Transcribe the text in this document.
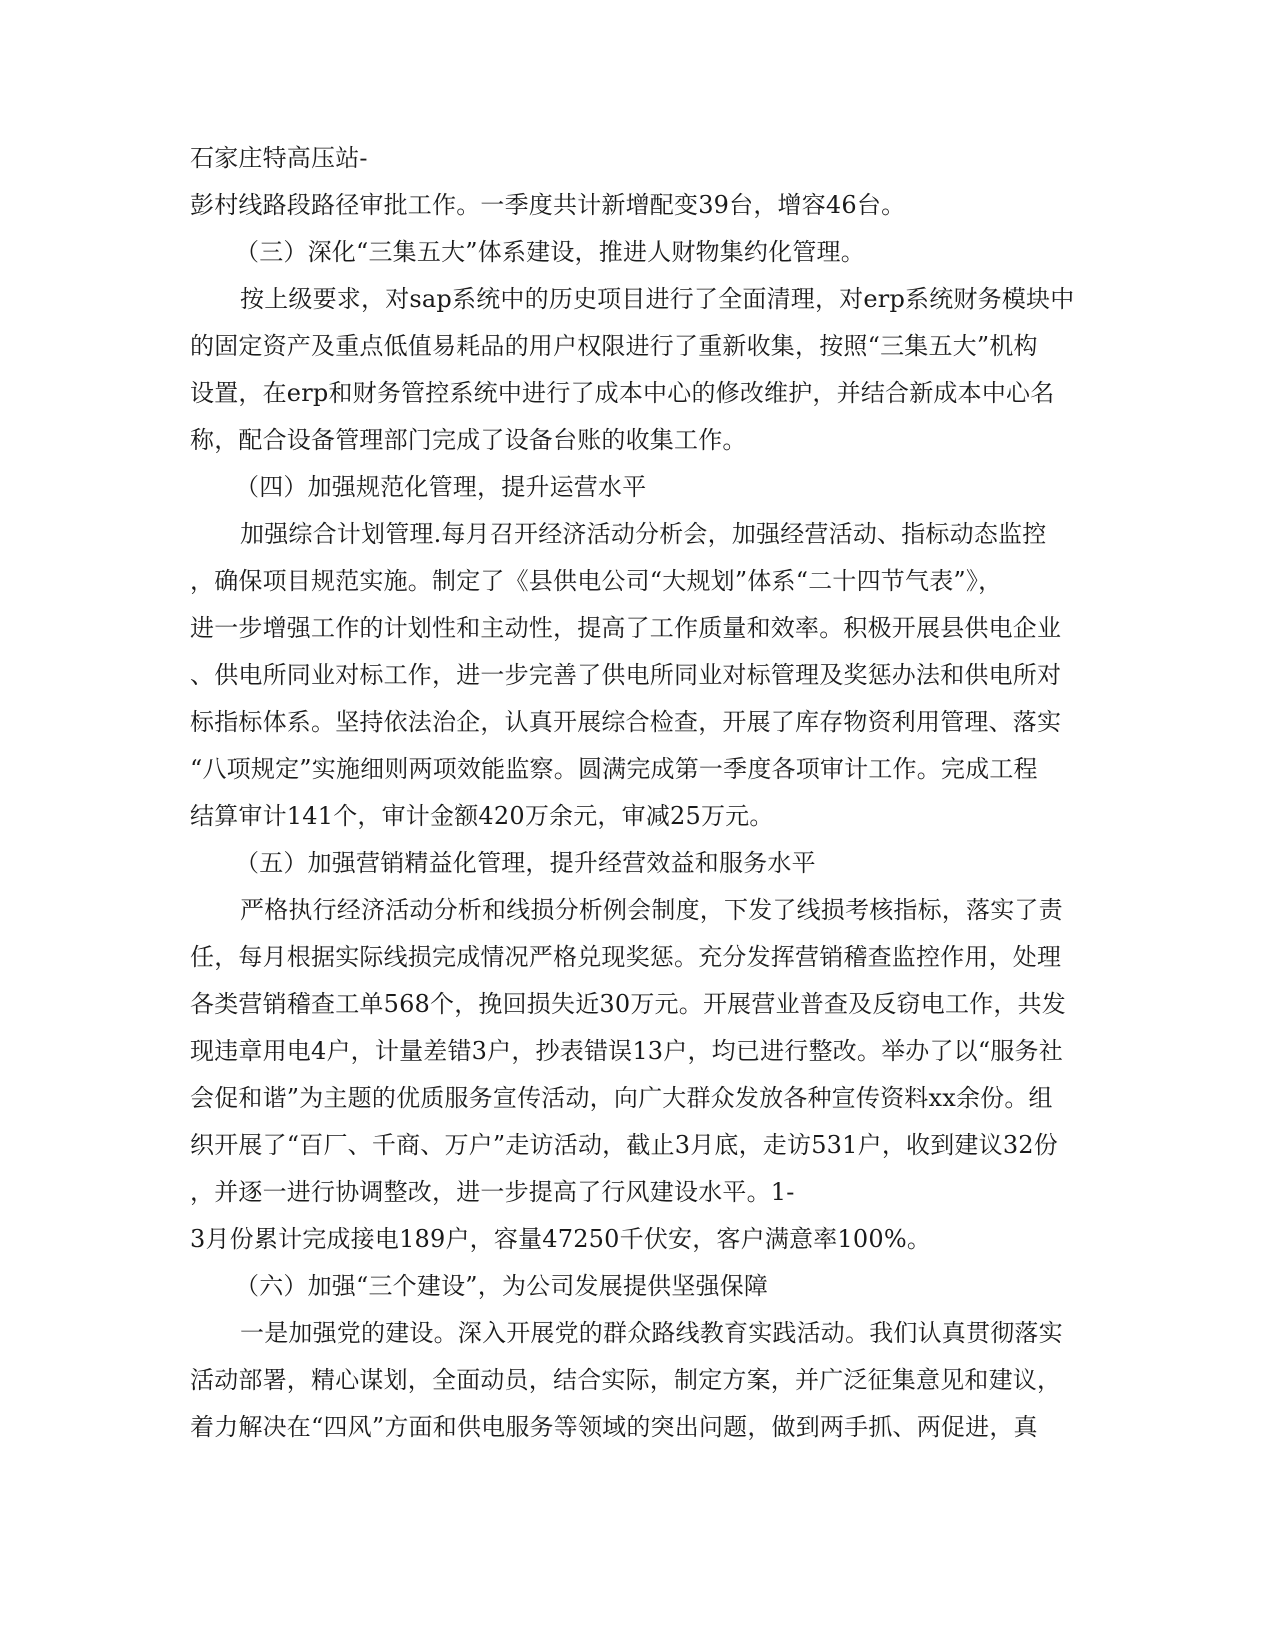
石家庄特高压站-
彭村线路段路径审批工作。一季度共计新增配变39台，增容46台。
（三）深化“三集五大”体系建设，推进人财物集约化管理。
按上级要求，对sap系统中的历史项目进行了全面清理，对erp系统财务模块中
的固定资产及重点低值易耗品的用户权限进行了重新收集，按照“三集五大”机构
设置，在erp和财务管控系统中进行了成本中心的修改维护，并结合新成本中心名
称，配合设备管理部门完成了设备台账的收集工作。
（四）加强规范化管理，提升运营水平
加强综合计划管理.每月召开经济活动分析会，加强经营活动、指标动态监控
，确保项目规范实施。制定了《县供电公司“大规划”体系“二十四节气表”》，
进一步增强工作的计划性和主动性，提高了工作质量和效率。积极开展县供电企业
、供电所同业对标工作，进一步完善了供电所同业对标管理及奖惩办法和供电所对
标指标体系。坚持依法治企，认真开展综合检查，开展了库存物资利用管理、落实
“八项规定”实施细则两项效能监察。圆满完成第一季度各项审计工作。完成工程
结算审计141个，审计金额420万余元，审减25万元。
（五）加强营销精益化管理，提升经营效益和服务水平
严格执行经济活动分析和线损分析例会制度，下发了线损考核指标，落实了责
任，每月根据实际线损完成情况严格兑现奖惩。充分发挥营销稽查监控作用，处理
各类营销稽查工单568个，挽回损失近30万元。开展营业普查及反窃电工作，共发
现违章用电4户，计量差错3户，抄表错误13户，均已进行整改。举办了以“服务社
会促和谐”为主题的优质服务宣传活动，向广大群众发放各种宣传资料xx余份。组
织开展了“百厂、千商、万户”走访活动，截止3月底，走访531户，收到建议32份
，并逐一进行协调整改，进一步提高了行风建设水平。1-
3月份累计完成接电189户，容量47250千伏安，客户满意率100%。
（六）加强“三个建设”，为公司发展提供坚强保障
一是加强党的建设。深入开展党的群众路线教育实践活动。我们认真贯彻落实
活动部署，精心谋划，全面动员，结合实际，制定方案，并广泛征集意见和建议，
着力解决在“四风”方面和供电服务等领域的突出问题，做到两手抓、两促进，真
